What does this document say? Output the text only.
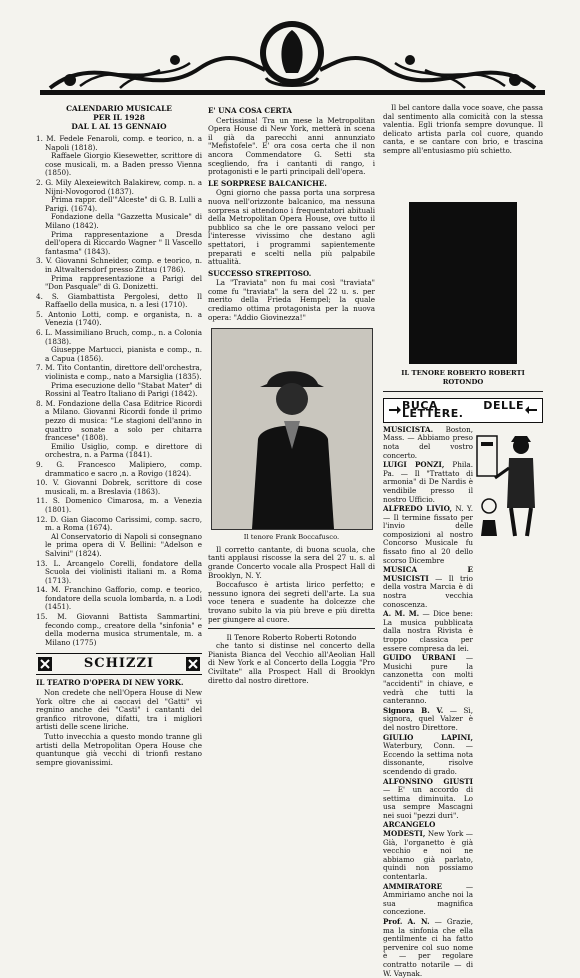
CALENDARIO MUSICALE
PER IL 1928
DAL L AL 15 GENNAIO
1. M. Fedele Fenaroli, comp. e teorico, n. a Napoli (1818).
Raffaele Giorgio Kiesewetter, scrittore di cose musicali, m. a Baden presso Vienna (1850).
2. G. Mily Alexeiewitch Balakirew, comp. n. a Nijni-Novogorod (1837).
Prima rappr. dell'"Alceste" di G. B. Lulli a Parigi. (1674).
Fondazione della "Gazzetta Musicale" di Milano (1842).
Prima rappresentazione a Dresda dell'opera di Riccardo Wagner " Il Vascello fantasma" (1843).
3. V. Giovanni Schneider, comp. e teorico, n. in Altwaltersdorf presso Zittau (1786).
Prima rappresentazione a Parigi del "Don Pasquale" di G. Donizetti.
4. S. Giambattista Pergolesi, detto Il Raffaello della musica, n. a Iesi (1710).
5. Antonio Lotti, comp. e organista, n. a Venezia (1740).
6. L. Massimiliano Bruch, comp., n. a Colonia (1838).
Giuseppe Martucci, pianista e comp., n. a Capua (1856).
7. M. Tito Contantin, direttore dell'orchestra, violinista e comp., nato a Marsiglia (1835).
Prima esecuzione dello "Stabat Mater" di Rossini al Teatro Italiano di Parigi (1842).
8. M. Fondazione della Casa Editrice Ricordi a Milano. Giovanni Ricordi fonde il primo pezzo di musica: "Le stagioni dell'anno in quattro sonate a solo per chitarra francese" (1808).
Emilio Usiglio, comp. e direttore di orchestra, n. a Parma (1841).
9. G. Francesco Malipiero, comp. drammatico e sacro ,n. a Rovigo (1824).
10. V. Giovanni Dobrek, scrittore di cose musicali, m. a Breslavia (1863).
11. S. Domenico Cimarosa, m. a Venezia (1801).
12. D. Gian Giacomo Carissimi, comp. sacro, m. a Roma (1674).
Al Conservatorio di Napoli si consegnano le prima opera di V. Bellini: "Adelson e Salvini" (1824).
13. L. Arcangelo Corelli, fondatore della Scuola dei violinisti italiani m. a Roma (1713).
14. M. Franchino Gafforio, comp. e teorico, fondatore della scuola lombarda, n. a Lodi (1451).
15. M. Giovanni Battista Sammartini, fecondo comp., creatore della "sinfonia" e della moderna musica strumentale, m. a Milano (1775)
SCHIZZI
IL TEATRO D'OPERA DI NEW YORK.

Non credete che nell'Opera House di New York oltre che ai caccavi del "Gatti" vi regnino anche dei "Casti" i cantanti del granfico ritrovone, difatti, tra i migliori artisti delle scene liriche.

Tutto invecchia a questo mondo tranne gli artisti della Metropolitan Opera House che quantunque già vecchi di trionfi restano sempre giovanissimi.

E' UNA COSA CERTA

Certissima! Tra un mese la Metropolitan Opera House di New York, metterà in scena il già da parecchi anni annunziato "Mefistofele". E' ora cosa certa che il non ancora Commendatore G. Setti sta scegliendo, fra i cantanti di rango, i protagonisti e le parti principali dell'opera.

LE SORPRESE BALCANICHE.

Ogni giorno che passa porta una sorpresa nuova nell'orizzonte balcanico, ma nessuna sorpresa si attendono i frequentatori abituali della Metropolitan Opera House, ove tutto il pubblico sa che le ore passano veloci per l'interesse vivissimo che destano agli spettatori, i programmi sapientemente preparati e scelti nella più palpabile attualità.

SUCCESSO STREPITOSO.

La "Traviata" non fu mai così "traviata" come fu "traviata" la sera del 22 u. s. per merito della Frieda Hempel; la quale crediamo ottima protagonista per la nuova opera: "Addio Giovinezza!"

Il tenore Frank Boccafusco.

Il corretto cantante, di buona scuola, che tanti applausi riscosse la sera del 27 u. s. al grande Concerto vocale alla Prospect Hall di Brooklyn, N. Y.

Boccafusco è artista lirico perfetto; e nessuno ignora dei segreti dell'arte. La sua voce tenera e suadente ha dolcezze che trovano subito la via più breve e più diretta per giungere al cuore.

Il Tenore Roberto Roberti Rotondo

che tanto si distinse nel concerto della Pianista Bianca del Vecchio all'Aeolian Hall di New York e al Concerto della Loggia "Pro Civiltate" alla Prospect Hall di Brooklyn diretto dal nostro direttore.

Il bel cantore dalla voce soave, che passa dal sentimento alla comicità con la stessa valentia. Egli trionfa sempre dovunque. Il delicato artista parla col cuore, quando canta, e se cantare con brio, e trascina sempre all'entusiasmo più schietto.

IL TENORE ROBERTO ROBERTI ROTONDO
BUCA DELLE LETTERE.

MUSICISTA. Boston, Mass. — Abbiamo preso nota del vostro concerto.

LUIGI PONZI, Phila. Pa. — Il "Trattato di armonia" di De Nardis è vendibile presso il nostro Ufficio.

ALFREDO LIVIO, N. Y. — Il termine fissato per l'invio delle composizioni al nostro Concorso Musicale fu fissato fino al 20 dello scorso Dicembre

MUSICA E MUSICISTI — Il trio della vostra Marcia è di nostra vecchia conoscenza.

A. M. M. — Dice bene: La musica pubblicata dalla nostra Rivista è troppo classica per essere compresa da lei.

GUIDO URBANI — Musichi pure la canzonetta con molti "accidenti" in chiave, e vedrà che tutti la canteranno.

Signora B. V. — Sì, signora, quel Valzer è del nostro Direttore.

GIULIO LAPINI, Waterbury, Conn. — Eccendo la settima nota dissonante, risolve scendendo di grado.

ALFONSINO GIUSTI — E' un accordo di settima diminuita. Lo usa sempre Mascagni nei suoi "pezzi duri".

ARCANGELO MODESTI, New York — Già, l'organetto è già vecchio e noi ne abbiamo già parlato, quindi non possiamo contentarla.

AMMIRATORE	— Ammiriamo anche noi la sua magnifica concezione.

Prof. A. N. — Grazie, ma la sinfonia che ella gentilmente ci ha fatto pervenire col suo nome è — per regolare contratto notarile — di W. Vaynak.
